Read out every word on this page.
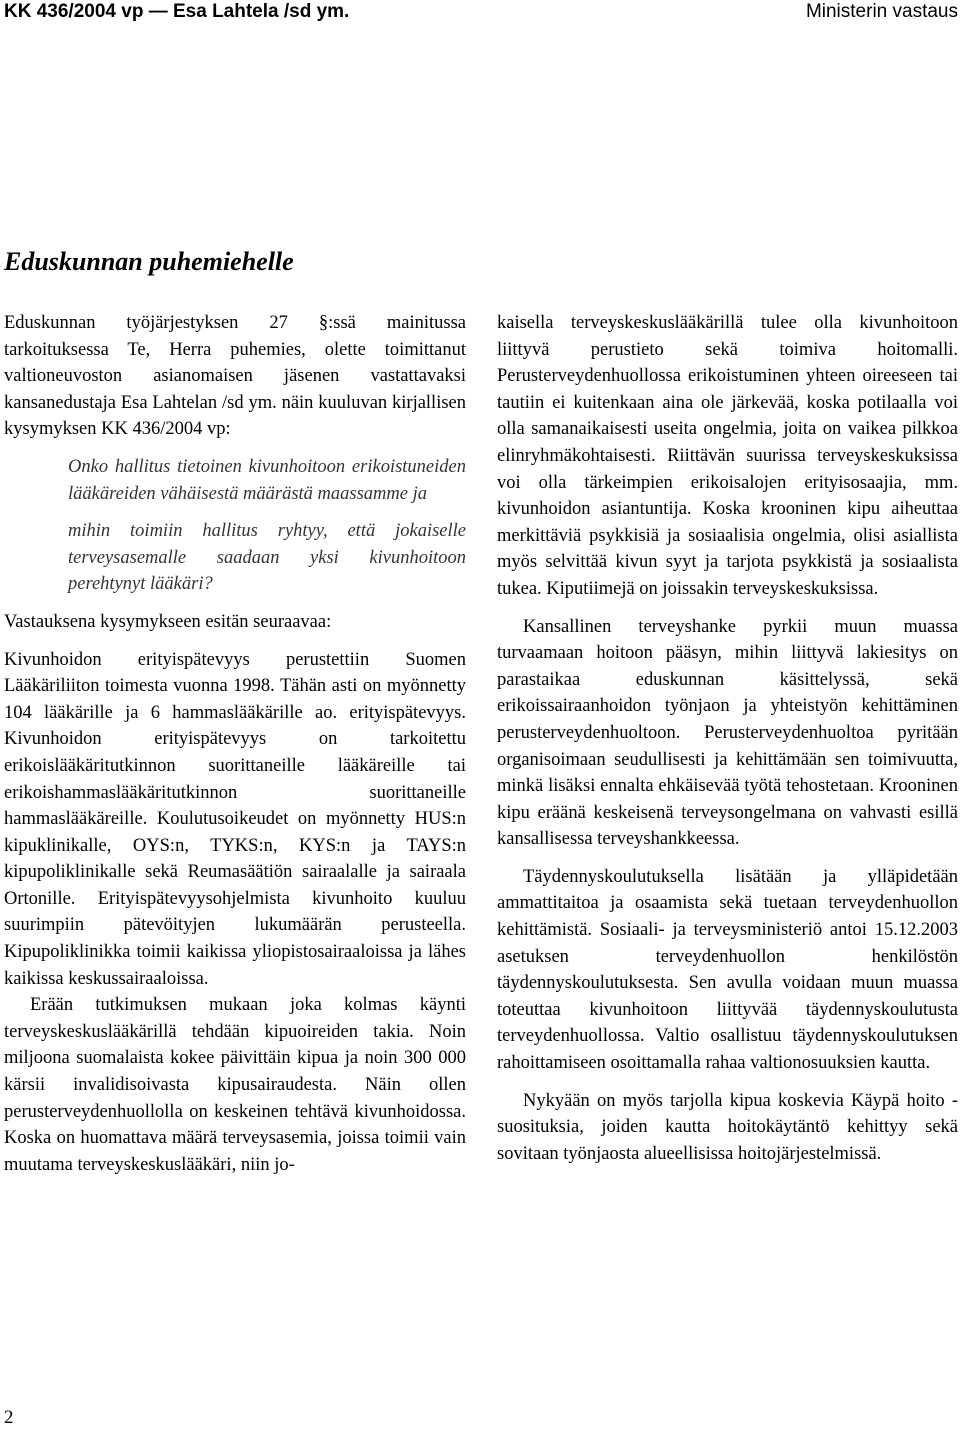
KK 436/2004 vp — Esa Lahtela /sd ym.	Ministerin vastaus
Eduskunnan puhemiehelle

Eduskunnan työjärjestyksen 27 §:ssä mainitussa tarkoituksessa Te, Herra puhemies, olette toimittanut valtioneuvoston asianomaisen jäsenen vastattavaksi kansanedustaja Esa Lahtelan /sd ym. näin kuuluvan kirjallisen kysymyksen KK 436/2004 vp:

Onko hallitus tietoinen kivunhoitoon erikoistuneiden lääkäreiden vähäisestä määrästä maassamme ja

mihin toimiin hallitus ryhtyy, että jokaiselle terveysasemalle saadaan yksi kivunhoitoon perehtynyt lääkäri?

Vastauksena kysymykseen esitän seuraavaa:

Kivunhoidon erityispätevyys perustettiin Suomen Lääkäriliiton toimesta vuonna 1998. Tähän asti on myönnetty 104 lääkärille ja 6 hammaslääkärille ao. erityispätevyys. Kivunhoidon erityispätevyys on tarkoitettu erikoislääkäritutkinnon suorittaneille lääkäreille tai erikoishammaslääkäritutkinnon suorittaneille hammaslääkäreille. Koulutusoikeudet on myönnetty HUS:n kipuklinikalle, OYS:n, TYKS:n, KYS:n ja TAYS:n kipupoliklinikalle sekä Reumasäätiön sairaalalle ja sairaala Ortonille. Erityispätevyysohjelmista kivunhoito kuuluu suurimpiin pätevöityjen lukumäärän perusteella. Kipupoliklinikka toimii kaikissa yliopistosairaaloissa ja lähes kaikissa keskussairaaloissa.

Erään tutkimuksen mukaan joka kolmas käynti terveyskeskuslääkärillä tehdään kipuoireiden takia. Noin miljoona suomalaista kokee päivittäin kipua ja noin 300 000 kärsii invalidisoivasta kipusairaudesta. Näin ollen perusterveydenhuollolla on keskeinen tehtävä kivunhoidossa. Koska on huomattava määrä terveysasemia, joissa toimii vain muutama terveyskeskuslääkäri, niin jo-

kaisella terveyskeskuslääkärillä tulee olla kivunhoitoon liittyvä perustieto sekä toimiva hoitomalli. Perusterveydenhuollossa erikoistuminen yhteen oireeseen tai tautiin ei kuitenkaan aina ole järkevää, koska potilaalla voi olla samanaikaisesti useita ongelmia, joita on vaikea pilkkoa elinryhmäkohtaisesti. Riittävän suurissa terveyskeskuksissa voi olla tärkeimpien erikoisalojen erityisosaajia, mm. kivunhoidon asiantuntija. Koska krooninen kipu aiheuttaa merkittäviä psykkisiä ja sosiaalisia ongelmia, olisi asiallista myös selvittää kivun syyt ja tarjota psykkistä ja sosiaalista tukea. Kiputiimejä on joissakin terveyskeskuksissa.

Kansallinen terveyshanke pyrkii muun muassa turvaamaan hoitoon pääsyn, mihin liittyvä lakiesitys on parastaikaa eduskunnan käsittelyssä, sekä erikoissairaanhoidon työnjaon ja yhteistyön kehittäminen perusterveydenhuoltoon. Perusterveydenhuoltoa pyritään organisoimaan seudullisesti ja kehittämään sen toimivuutta, minkä lisäksi ennalta ehkäisevää työtä tehostetaan. Krooninen kipu eräänä keskeisenä terveysongelmana on vahvasti esillä kansallisessa terveyshankkeessa.

Täydennyskoulutuksella lisätään ja ylläpidetään ammattitaitoa ja osaamista sekä tuetaan terveydenhuollon kehittämistä. Sosiaali- ja terveysministeriö antoi 15.12.2003 asetuksen terveydenhuollon henkilöstön täydennyskoulutuksesta. Sen avulla voidaan muun muassa toteuttaa kivunhoitoon liittyvää täydennyskoulutusta terveydenhuollossa. Valtio osallistuu täydennyskoulutuksen rahoittamiseen osoittamalla rahaa valtionosuuksien kautta.

Nykyään on myös tarjolla kipua koskevia Käypä hoito -suosituksia, joiden kautta hoitokäytäntö kehittyy sekä sovitaan työnjaosta alueellisissa hoitojärjestelmissä.

2
